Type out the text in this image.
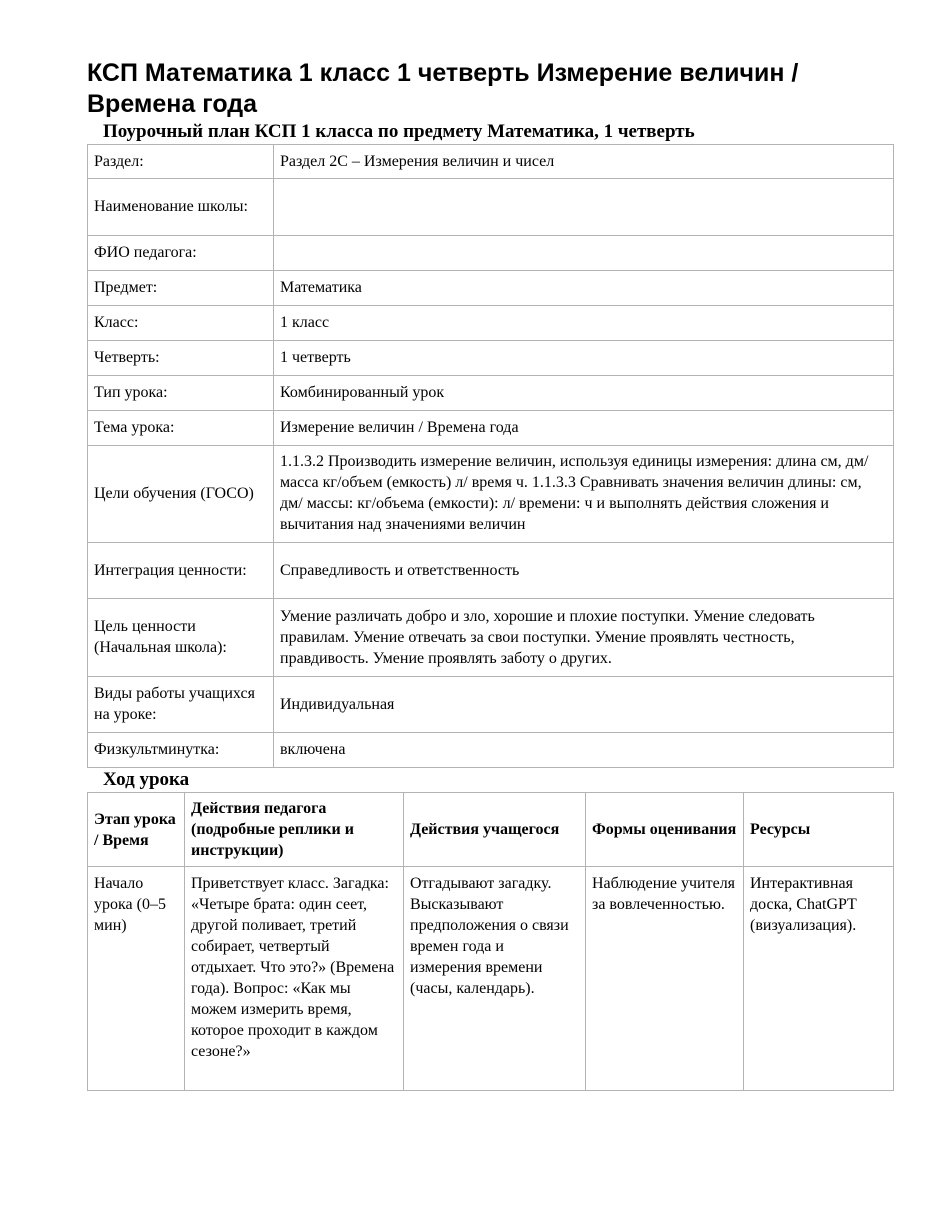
КСП Математика 1 класс 1 четверть Измерение величин / Времена года
Поурочный план КСП 1 класса по предмету Математика, 1 четверть
Раздел:	Раздел 2С – Измерения величин и чисел
Наименование школы:	
ФИО педагога:	
Предмет:	Математика
Класс:	1 класс
Четверть:	1 четверть
Тип урока:	Комбинированный урок
Тема урока:	Измерение величин / Времена года
Цели обучения (ГОСО)	1.1.3.2 Производить измерение величин, используя единицы измерения: длина см, дм/ масса кг/объем (емкость) л/ время ч. 1.1.3.3 Сравнивать значения величин длины: см, дм/ массы: кг/объема (емкости): л/ времени: ч и выполнять действия сложения и вычитания над значениями величин
Интеграция ценности:	Справедливость и ответственность
Цель ценности (Начальная школа):	Умение различать добро и зло, хорошие и плохие поступки. Умение следовать правилам. Умение отвечать за свои поступки. Умение проявлять честность, правдивость. Умение проявлять заботу о других.
Виды работы учащихся на уроке:	Индивидуальная
Физкультминутка:	включена
Ход урока
Этап урока / Время	Действия педагога (подробные реплики и инструкции)	Действия учащегося	Формы оценивания	Ресурсы
Начало урока (0–5 мин)	Приветствует класс. Загадка: «Четыре брата: один сеет, другой поливает, третий собирает, четвертый отдыхает. Что это?» (Времена года). Вопрос: «Как мы можем измерить время, которое проходит в каждом сезоне?»	Отгадывают загадку. Высказывают предположения о связи времен года и измерения времени (часы, календарь).	Наблюдение учителя за вовлеченностью.	Интерактивная доска, ChatGPT (визуализация).
